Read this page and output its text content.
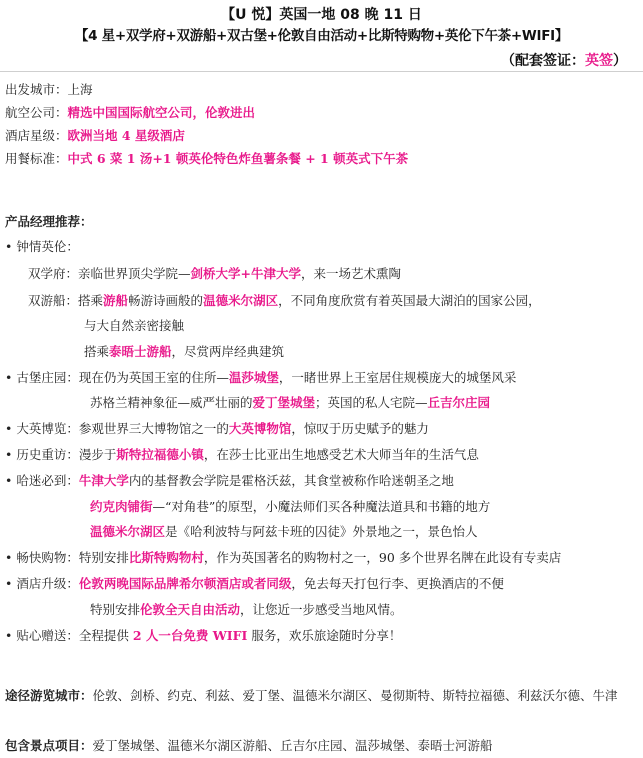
【U 悦】英国一地 08 晚 11 日
【4 星+双学府+双游船+双古堡+伦敦自由活动+比斯特购物+英伦下午茶+WIFI】
（配套签证：英签）
出发城市：上海
航空公司：精选中国国际航空公司，伦敦进出
酒店星级：欧洲当地 4 星级酒店
用餐标准：中式 6 菜 1 汤+1 顿英伦特色炸鱼薯条餐 + 1 顿英式下午茶
产品经理推荐：
• 钟情英伦：
双学府：亲临世界顶尖学院—剑桥大学+牛津大学，来一场艺术熏陶
双游船：搭乘游船畅游诗画般的温德米尔湖区，不同角度欣赏有着英国最大湖泊的国家公园，
与大自然亲密接触
搭乘泰晤士游船，尽赏两岸经典建筑
• 古堡庄园：现在仍为英国王室的住所—温莎城堡，一睹世界上王室居住规模庞大的城堡风采
苏格兰精神象征—威严壮丽的爱丁堡城堡；英国的私人宅院—丘吉尔庄园
• 大英博览：参观世界三大博物馆之一的大英博物馆，惊叹于历史赋予的魅力
• 历史重访：漫步于斯特拉福德小镇，在莎士比亚出生地感受艺术大师当年的生活气息
• 哈迷必到：牛津大学内的基督教会学院是霍格沃兹，其食堂被称作哈迷朝圣之地
约克肉铺街—“对角巷”的原型，小魔法师们买各种魔法道具和书籍的地方
温德米尔湖区是《哈利波特与阿兹卡班的囚徒》外景地之一，景色怡人
• 畅快购物：特别安排比斯特购物村，作为英国著名的购物村之一，90 多个世界名牌在此设有专卖店
• 酒店升级：伦敦两晚国际品牌希尔顿酒店或者同级，免去每天打包行李、更换酒店的不便
特别安排伦敦全天自由活动，让您近一步感受当地风情。
• 贴心赠送：全程提供 2 人一台免费 WIFI 服务，欢乐旅途随时分享！
途径游览城市：伦敦、剑桥、约克、利兹、爱丁堡、温德米尔湖区、曼彻斯特、斯特拉福德、利兹沃尔德、牛津
包含景点项目：爱丁堡城堡、温德米尔湖区游船、丘吉尔庄园、温莎城堡、泰晤士河游船
